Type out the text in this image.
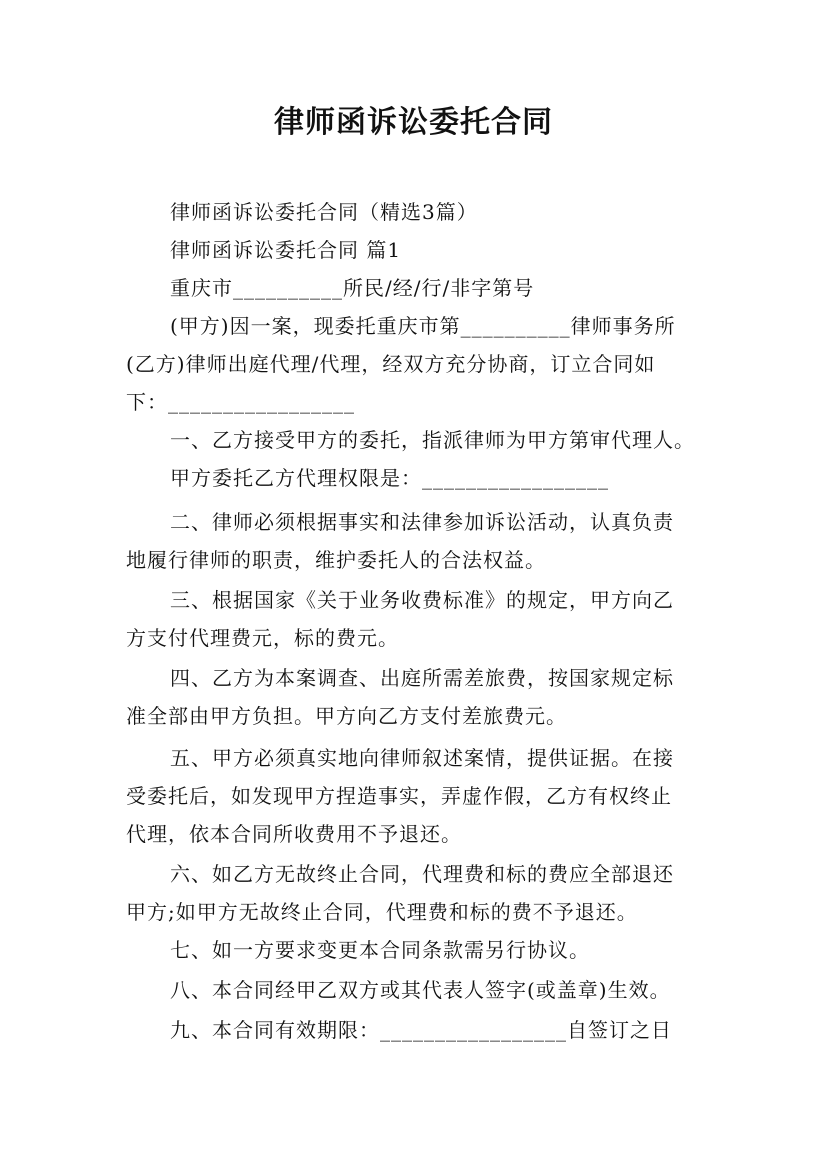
律师函诉讼委托合同
律师函诉讼委托合同（精选3篇）
律师函诉讼委托合同 篇1
重庆市__________所民/经/行/非字第号
(甲方)因一案，现委托重庆市第__________律师事务所
(乙方)律师出庭代理/代理，经双方充分协商，订立合同如
下：_________________
一、乙方接受甲方的委托，指派律师为甲方第审代理人。
甲方委托乙方代理权限是：_________________
二、律师必须根据事实和法律参加诉讼活动，认真负责
地履行律师的职责，维护委托人的合法权益。
三、根据国家《关于业务收费标准》的规定，甲方向乙
方支付代理费元，标的费元。
四、乙方为本案调查、出庭所需差旅费，按国家规定标
准全部由甲方负担。甲方向乙方支付差旅费元。
五、甲方必须真实地向律师叙述案情，提供证据。在接
受委托后，如发现甲方捏造事实，弄虚作假，乙方有权终止
代理，依本合同所收费用不予退还。
六、如乙方无故终止合同，代理费和标的费应全部退还
甲方;如甲方无故终止合同，代理费和标的费不予退还。
七、如一方要求变更本合同条款需另行协议。
八、本合同经甲乙双方或其代表人签字(或盖章)生效。
九、本合同有效期限：_________________自签订之日
